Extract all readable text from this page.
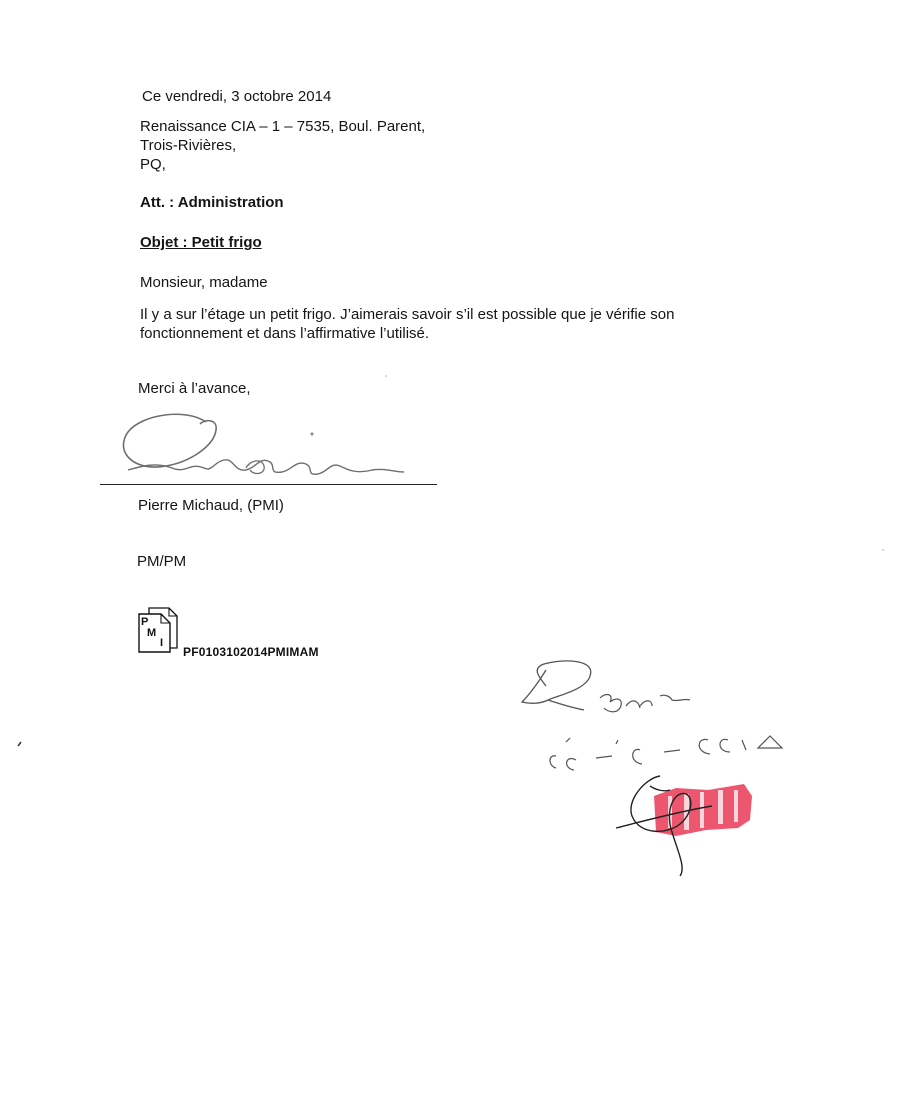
Ce vendredi, 3 octobre 2014
Renaissance CIA – 1 – 7535, Boul. Parent,
Trois-Rivières,
PQ,
Att. : Administration
Objet : Petit frigo
Monsieur, madame
Il y a sur l’étage un petit frigo. J’aimerais savoir s’il est possible que je vérifie son fonctionnement et dans l’affirmative l’utilisé.
Merci à l’avance,
Pierre Michaud, (PMI)
PM/PM
P
M
I
PF0103102014PMIMAM
